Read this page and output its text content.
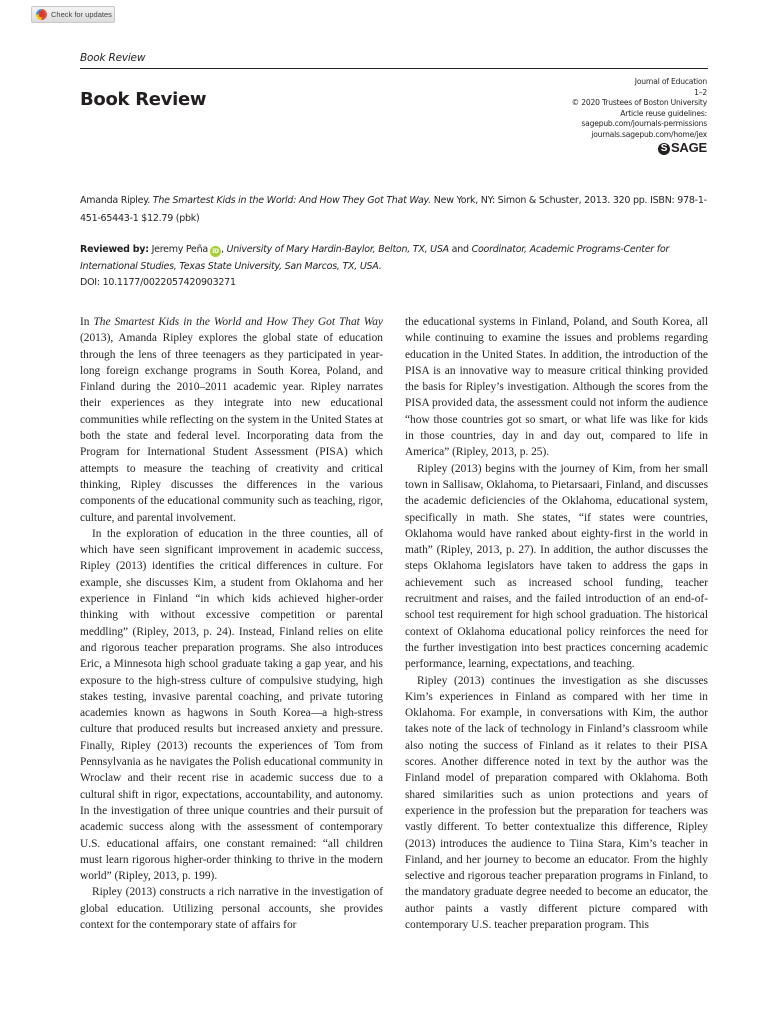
Check for updates
Book Review
Book Review
Journal of Education
1–2
© 2020 Trustees of Boston University
Article reuse guidelines:
sagepub.com/journals-permissions
journals.sagepub.com/home/jex
S SAGE
Amanda Ripley. The Smartest Kids in the World: And How They Got That Way. New York, NY: Simon & Schuster, 2013. 320 pp. ISBN: 978-1-451-65443-1 $12.79 (pbk)
Reviewed by: Jeremy Peña iD , University of Mary Hardin-Baylor, Belton, TX, USA and Coordinator, Academic Programs-Center for International Studies, Texas State University, San Marcos, TX, USA.
DOI: 10.1177/0022057420903271

In The Smartest Kids in the World and How They Got That Way (2013), Amanda Ripley explores the global state of education through the lens of three teenagers as they participated in year-long foreign exchange programs in South Korea, Poland, and Finland during the 2010–2011 academic year. Ripley narrates their experiences as they integrate into new educational communities while reflecting on the system in the United States at both the state and federal level. Incorporating data from the Program for International Student Assessment (PISA) which attempts to measure the teaching of creativity and critical thinking, Ripley discusses the differences in the various components of the educational community such as teaching, rigor, culture, and parental involvement.

In the exploration of education in the three counties, all of which have seen significant improvement in academic success, Ripley (2013) identifies the critical differences in culture. For example, she discusses Kim, a student from Oklahoma and her experience in Finland “in which kids achieved higher-order thinking with without excessive competition or parental meddling” (Ripley, 2013, p. 24). Instead, Finland relies on elite and rigorous teacher preparation programs. She also introduces Eric, a Minnesota high school graduate taking a gap year, and his exposure to the high-stress culture of compulsive studying, high stakes testing, invasive parental coaching, and private tutoring academies known as hagwons in South Korea—a high-stress culture that produced results but increased anxiety and pressure. Finally, Ripley (2013) recounts the experiences of Tom from Pennsylvania as he navigates the Polish educational community in Wroclaw and their recent rise in academic success due to a cultural shift in rigor, expectations, accountability, and autonomy. In the investigation of three unique countries and their pursuit of academic success along with the assessment of contemporary U.S. educational affairs, one constant remained: “all children must learn rigorous higher-order thinking to thrive in the modern world” (Ripley, 2013, p. 199).

Ripley (2013) constructs a rich narrative in the investigation of global education. Utilizing personal accounts, she provides context for the contemporary state of affairs for

the educational systems in Finland, Poland, and South Korea, all while continuing to examine the issues and problems regarding education in the United States. In addition, the introduction of the PISA is an innovative way to measure critical thinking provided the basis for Ripley’s investigation. Although the scores from the PISA provided data, the assessment could not inform the audience “how those countries got so smart, or what life was like for kids in those countries, day in and day out, compared to life in America” (Ripley, 2013, p. 25).

Ripley (2013) begins with the journey of Kim, from her small town in Sallisaw, Oklahoma, to Pietarsaari, Finland, and discusses the academic deficiencies of the Oklahoma, educational system, specifically in math. She states, “if states were countries, Oklahoma would have ranked about eighty-first in the world in math” (Ripley, 2013, p. 27). In addition, the author discusses the steps Oklahoma legislators have taken to address the gaps in achievement such as increased school funding, teacher recruitment and raises, and the failed introduction of an end-of-school test requirement for high school graduation. The historical context of Oklahoma educational policy reinforces the need for the further investigation into best practices concerning academic performance, learning, expectations, and teaching.

Ripley (2013) continues the investigation as she discusses Kim’s experiences in Finland as compared with her time in Oklahoma. For example, in conversations with Kim, the author takes note of the lack of technology in Finland’s classroom while also noting the success of Finland as it relates to their PISA scores. Another difference noted in text by the author was the Finland model of preparation compared with Oklahoma. Both shared similarities such as union protections and years of experience in the profession but the preparation for teachers was vastly different. To better contextualize this difference, Ripley (2013) introduces the audience to Tiina Stara, Kim’s teacher in Finland, and her journey to become an educator. From the highly selective and rigorous teacher preparation programs in Finland, to the mandatory graduate degree needed to become an educator, the author paints a vastly different picture compared with contemporary U.S. teacher preparation program. This
